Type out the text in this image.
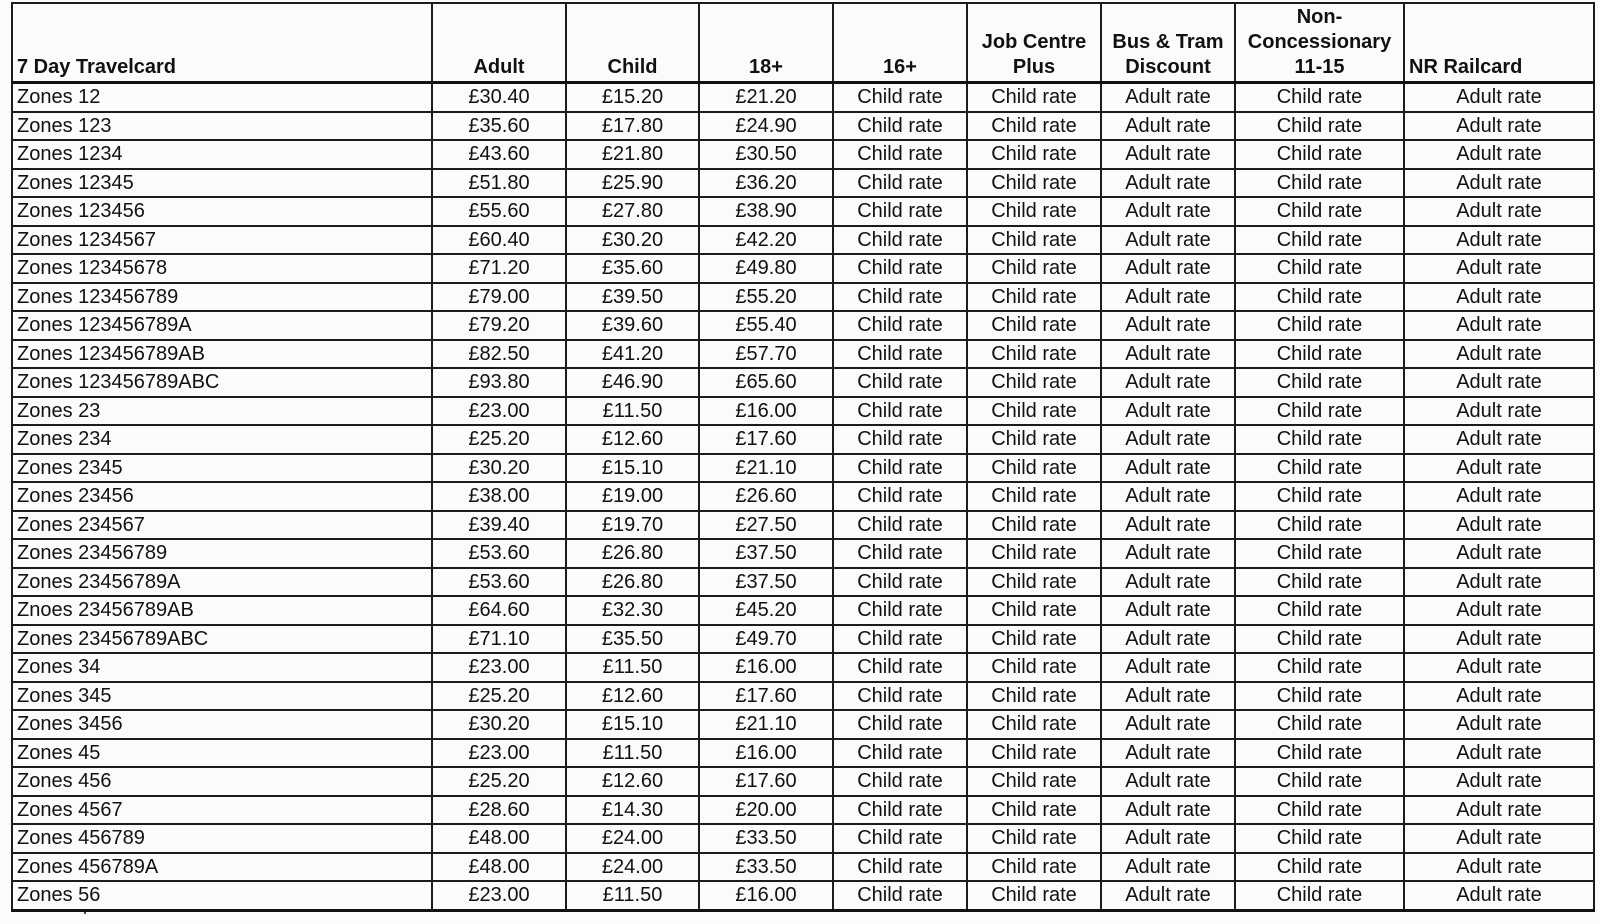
7 Day Travelcard	Adult	Child	18+	16+	Job Centre Plus	Bus & Tram Discount	Non-Concessionary 11-15	NR Railcard
Zones 12	£30.40	£15.20	£21.20	Child rate	Child rate	Adult rate	Child rate	Adult rate
Zones 123	£35.60	£17.80	£24.90	Child rate	Child rate	Adult rate	Child rate	Adult rate
Zones 1234	£43.60	£21.80	£30.50	Child rate	Child rate	Adult rate	Child rate	Adult rate
Zones 12345	£51.80	£25.90	£36.20	Child rate	Child rate	Adult rate	Child rate	Adult rate
Zones 123456	£55.60	£27.80	£38.90	Child rate	Child rate	Adult rate	Child rate	Adult rate
Zones 1234567	£60.40	£30.20	£42.20	Child rate	Child rate	Adult rate	Child rate	Adult rate
Zones 12345678	£71.20	£35.60	£49.80	Child rate	Child rate	Adult rate	Child rate	Adult rate
Zones 123456789	£79.00	£39.50	£55.20	Child rate	Child rate	Adult rate	Child rate	Adult rate
Zones 123456789A	£79.20	£39.60	£55.40	Child rate	Child rate	Adult rate	Child rate	Adult rate
Zones 123456789AB	£82.50	£41.20	£57.70	Child rate	Child rate	Adult rate	Child rate	Adult rate
Zones 123456789ABC	£93.80	£46.90	£65.60	Child rate	Child rate	Adult rate	Child rate	Adult rate
Zones 23	£23.00	£11.50	£16.00	Child rate	Child rate	Adult rate	Child rate	Adult rate
Zones 234	£25.20	£12.60	£17.60	Child rate	Child rate	Adult rate	Child rate	Adult rate
Zones 2345	£30.20	£15.10	£21.10	Child rate	Child rate	Adult rate	Child rate	Adult rate
Zones 23456	£38.00	£19.00	£26.60	Child rate	Child rate	Adult rate	Child rate	Adult rate
Zones 234567	£39.40	£19.70	£27.50	Child rate	Child rate	Adult rate	Child rate	Adult rate
Zones 23456789	£53.60	£26.80	£37.50	Child rate	Child rate	Adult rate	Child rate	Adult rate
Zones 23456789A	£53.60	£26.80	£37.50	Child rate	Child rate	Adult rate	Child rate	Adult rate
Znoes 23456789AB	£64.60	£32.30	£45.20	Child rate	Child rate	Adult rate	Child rate	Adult rate
Zones 23456789ABC	£71.10	£35.50	£49.70	Child rate	Child rate	Adult rate	Child rate	Adult rate
Zones 34	£23.00	£11.50	£16.00	Child rate	Child rate	Adult rate	Child rate	Adult rate
Zones 345	£25.20	£12.60	£17.60	Child rate	Child rate	Adult rate	Child rate	Adult rate
Zones 3456	£30.20	£15.10	£21.10	Child rate	Child rate	Adult rate	Child rate	Adult rate
Zones 45	£23.00	£11.50	£16.00	Child rate	Child rate	Adult rate	Child rate	Adult rate
Zones 456	£25.20	£12.60	£17.60	Child rate	Child rate	Adult rate	Child rate	Adult rate
Zones 4567	£28.60	£14.30	£20.00	Child rate	Child rate	Adult rate	Child rate	Adult rate
Zones 456789	£48.00	£24.00	£33.50	Child rate	Child rate	Adult rate	Child rate	Adult rate
Zones 456789A	£48.00	£24.00	£33.50	Child rate	Child rate	Adult rate	Child rate	Adult rate
Zones 56	£23.00	£11.50	£16.00	Child rate	Child rate	Adult rate	Child rate	Adult rate
